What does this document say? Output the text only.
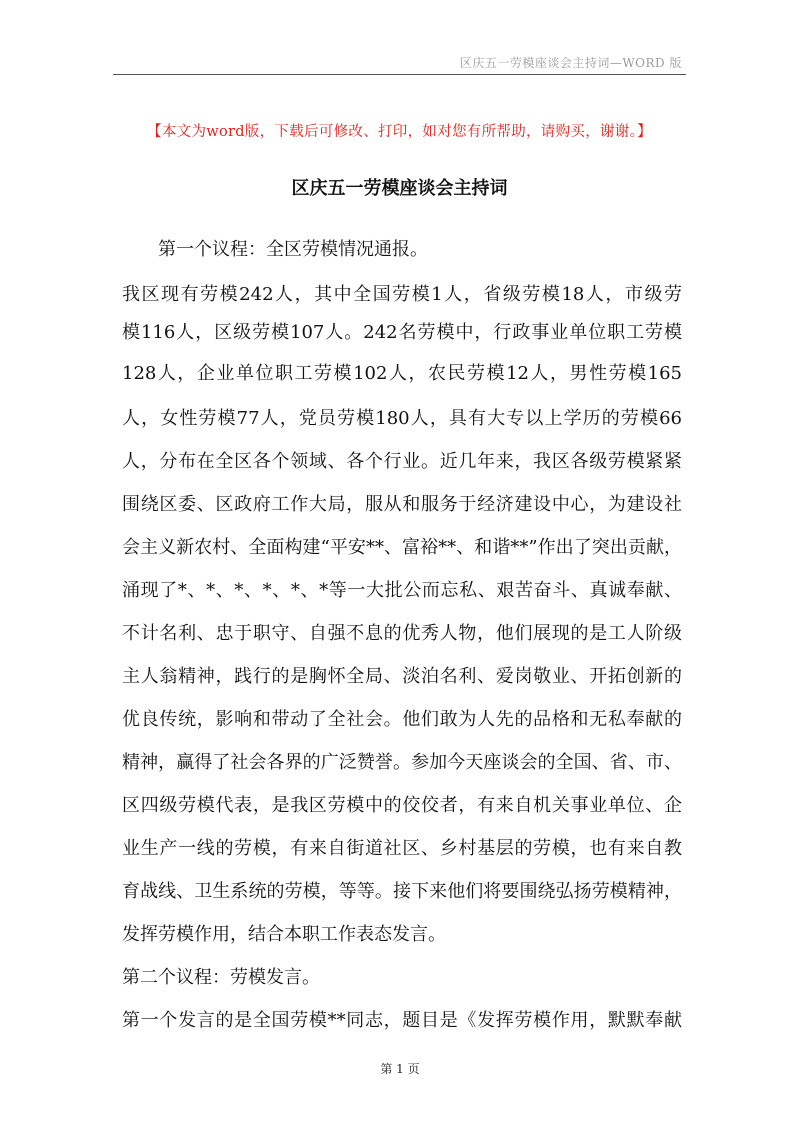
区庆五一劳模座谈会主持词—WORD 版
【本文为word版，下载后可修改、打印，如对您有所帮助，请购买，谢谢。】
区庆五一劳模座谈会主持词
第一个议程：全区劳模情况通报。
我区现有劳模242人，其中全国劳模1人，省级劳模18人，市级劳
模116人，区级劳模107人。242名劳模中，行政事业单位职工劳模
128人，企业单位职工劳模102人，农民劳模12人，男性劳模165
人，女性劳模77人，党员劳模180人，具有大专以上学历的劳模66
人，分布在全区各个领域、各个行业。近几年来，我区各级劳模紧紧
围绕区委、区政府工作大局，服从和服务于经济建设中心，为建设社
会主义新农村、全面构建“平安**、富裕**、和谐**”作出了突出贡献，
涌现了*、*、*、*、*、*等一大批公而忘私、艰苦奋斗、真诚奉献、
不计名利、忠于职守、自强不息的优秀人物，他们展现的是工人阶级
主人翁精神，践行的是胸怀全局、淡泊名利、爱岗敬业、开拓创新的
优良传统，影响和带动了全社会。他们敢为人先的品格和无私奉献的
精神，赢得了社会各界的广泛赞誉。参加今天座谈会的全国、省、市、
区四级劳模代表，是我区劳模中的佼佼者，有来自机关事业单位、企
业生产一线的劳模，有来自街道社区、乡村基层的劳模，也有来自教
育战线、卫生系统的劳模，等等。接下来他们将要围绕弘扬劳模精神，
发挥劳模作用，结合本职工作表态发言。
第二个议程：劳模发言。
第一个发言的是全国劳模**同志，题目是《发挥劳模作用，默默奉献
第 1 页
